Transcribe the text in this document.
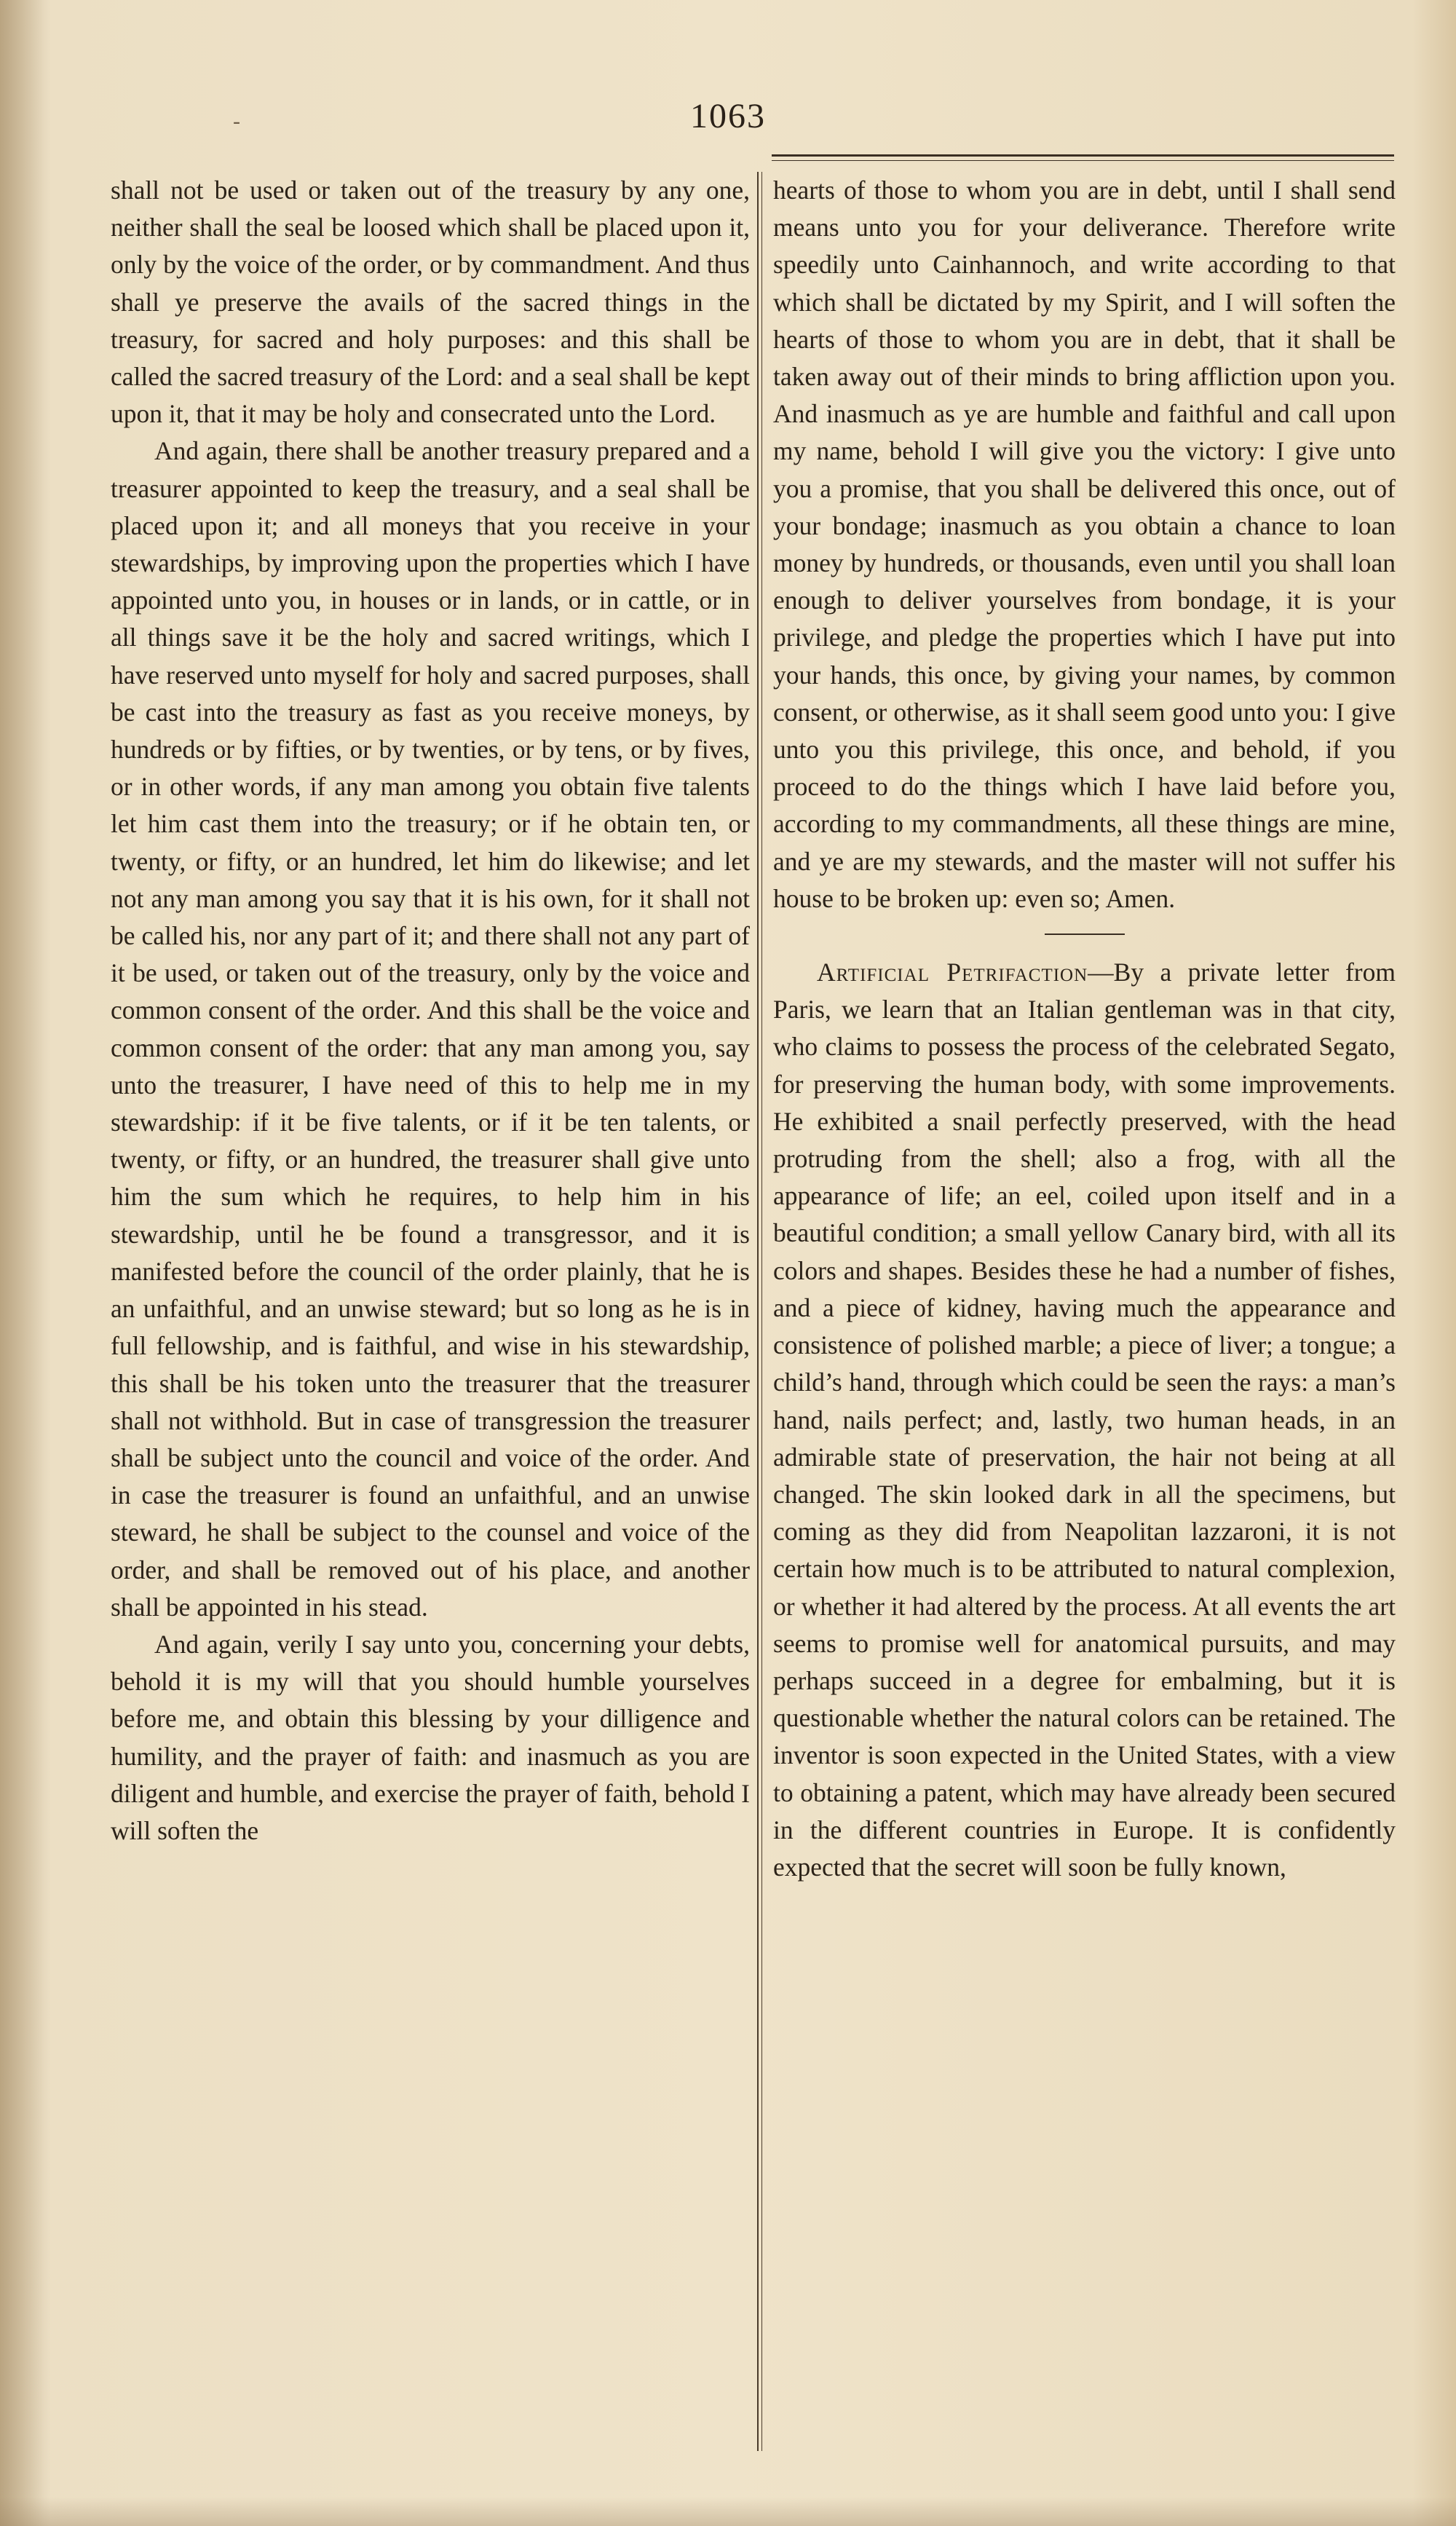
-	1063

shall not be used or taken out of the treasury by any one, neither shall the seal be loosed which shall be placed upon it, only by the voice of the order, or by commandment. And thus shall ye preserve the avails of the sacred things in the treasury, for sacred and holy purposes: and this shall be called the sacred treasury of the Lord: and a seal shall be kept upon it, that it may be holy and consecrated unto the Lord.

And again, there shall be another treasury prepared and a treasurer appointed to keep the treasury, and a seal shall be placed upon it; and all moneys that you receive in your stewardships, by improving upon the properties which I have appointed unto you, in houses or in lands, or in cattle, or in all things save it be the holy and sacred writings, which I have reserved unto myself for holy and sacred purposes, shall be cast into the treasury as fast as you receive moneys, by hundreds or by fifties, or by twenties, or by tens, or by fives, or in other words, if any man among you obtain five talents let him cast them into the treasury; or if he obtain ten, or twenty, or fifty, or an hundred, let him do likewise; and let not any man among you say that it is his own, for it shall not be called his, nor any part of it; and there shall not any part of it be used, or taken out of the treasury, only by the voice and common consent of the order. And this shall be the voice and common consent of the order: that any man among you, say unto the treasurer, I have need of this to help me in my stewardship: if it be five talents, or if it be ten talents, or twenty, or fifty, or an hundred, the treasurer shall give unto him the sum which he requires, to help him in his stewardship, until he be found a transgressor, and it is manifested before the council of the order plainly, that he is an unfaithful, and an unwise steward; but so long as he is in full fellowship, and is faithful, and wise in his stewardship, this shall be his token unto the treasurer that the treasurer shall not withhold. But in case of transgression the treasurer shall be subject unto the council and voice of the order. And in case the treasurer is found an unfaithful, and an unwise steward, he shall be subject to the counsel and voice of the order, and shall be removed out of his place, and another shall be appointed in his stead.

And again, verily I say unto you, concerning your debts, behold it is my will that you should humble yourselves before me, and obtain this blessing by your dilligence and humility, and the prayer of faith: and inasmuch as you are diligent and humble, and exercise the prayer of faith, behold I will soften the

hearts of those to whom you are in debt, until I shall send means unto you for your deliverance. Therefore write speedily unto Cainhannoch, and write according to that which shall be dictated by my Spirit, and I will soften the hearts of those to whom you are in debt, that it shall be taken away out of their minds to bring affliction upon you. And inasmuch as ye are humble and faithful and call upon my name, behold I will give you the victory: I give unto you a promise, that you shall be delivered this once, out of your bondage; inasmuch as you obtain a chance to loan money by hundreds, or thousands, even until you shall loan enough to deliver yourselves from bondage, it is your privilege, and pledge the properties which I have put into your hands, this once, by giving your names, by common consent, or otherwise, as it shall seem good unto you: I give unto you this privilege, this once, and behold, if you proceed to do the things which I have laid before you, according to my commandments, all these things are mine, and ye are my stewards, and the master will not suffer his house to be broken up: even so; Amen.

Artificial Petrifaction—By a private letter from Paris, we learn that an Italian gentleman was in that city, who claims to possess the process of the celebrated Segato, for preserving the human body, with some improvements. He exhibited a snail perfectly preserved, with the head protruding from the shell; also a frog, with all the appearance of life; an eel, coiled upon itself and in a beautiful condition; a small yellow Canary bird, with all its colors and shapes. Besides these he had a number of fishes, and a piece of kidney, having much the appearance and consistence of polished marble; a piece of liver; a tongue; a child’s hand, through which could be seen the rays: a man’s hand, nails perfect; and, lastly, two human heads, in an admirable state of preservation, the hair not being at all changed. The skin looked dark in all the specimens, but coming as they did from Neapolitan lazzaroni, it is not certain how much is to be attributed to natural complexion, or whether it had altered by the process. At all events the art seems to promise well for anatomical pursuits, and may perhaps succeed in a degree for embalming, but it is questionable whether the natural colors can be retained. The inventor is soon expected in the United States, with a view to obtaining a patent, which may have already been secured in the different countries in Europe. It is confidently expected that the secret will soon be fully known,
